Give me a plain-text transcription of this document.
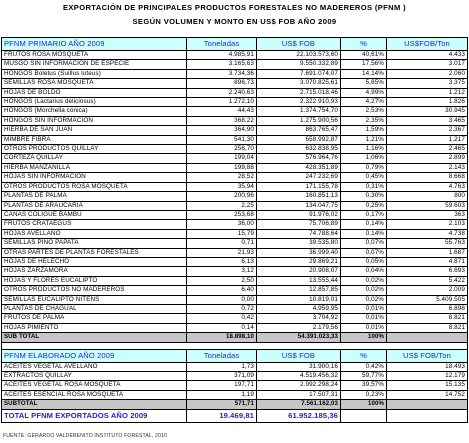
EXPORTACIÓN DE PRINCIPALES PRODUCTOS FORESTALES NO MADEREROS (PFNM )
SEGÚN VOLUMEN Y MONTO EN US$ FOB AÑO 2009
PFNM PRIMARIO AÑO 2009	Toneladas	US$ FOB	%	US$FOB/Ton
FRUTOS ROSA MOSQUETA	4.985,91	22.103.573,60	40,61%	4.433
MUSGO SIN INFORMACIÓN DE ESPECIE	3.165,63	9.550.332,89	17,56%	3.017
HONGOS Boletus (Suillus luteus)	3.734,36	7.691.074,07	14,14%	2.060
SEMILLAS ROSA MOSQUETA	896,73	3.070.825,61	5,65%	3.375
HOJAS DE BOLDO	2.240,63	2.715.018,46	4,99%	1.212
HONGOS (Lactarius deliciosus)	1.272,10	2.322.910,93	4,27%	1.826
HONGOS (Morchella cónica)	44,43	1.374.754,70	2,53%	30.945
HONGOS SIN INFORMACIÓN	368,22	1.275.900,56	2,35%	3.465
HIERBA DE SAN JUAN	364,90	863.765,47	1,59%	2.367
MIMBRE FIBRA	541,30	658.992,87	1,21%	1.217
OTROS PRODUCTOS QUILLAY	256,70	632.838,95	1,16%	2.465
CORTEZA QUILLAY	199,04	576.964,76	1,06%	2.899
HIERBA MANZANILLA	199,88	428.351,89	0,79%	2.143
HOJAS SIN INFORMACIÓN	28,52	247.232,69	0,45%	8.668
OTROS PRODUCTOS ROSA MOSQUETA	35,94	171.155,78	0,31%	4.763
PLANTAS DE PALMA	200,96	160.851,13	0,30%	800
PLANTAS DE ARAUCARIA	2,25	134.047,75	0,25%	59.603
CAÑAS COLIGUE BAMBU	253,68	91.976,02	0,17%	363
FRUTOS CRATAEGUS	36,00	75.706,89	0,14%	2.103
HOJAS AVELLANO	15,79	74.788,64	0,14%	4.738
SEMILLAS PINO PAPATA	0,71	39.535,80	0,07%	55.763
OTRAS PARTES DE PLANTAS FORESTALES	21,93	36.999,40	0,07%	1.687
HOJAS DE HELECHO	6,13	29.869,21	0,05%	4.871
HOJAS ZARZAMORA	3,12	20.908,07	0,04%	6.693
HOJAS Y FLORES EUCALIPTO	2,50	13.555,44	0,02%	5.422
OTROS PRODUCTOS NO MADEREROS	6,40	12.857,85	0,02%	2.009
SEMILLAS EUCALIPTO NITENS	0,00	10.819,01	0,02%	5.409.505
PLANTAS DE CHAGUAL	0,72	4.959,95	0,01%	6.898
FRUTOS DE PALMA	0,42	3.704,92	0,01%	8.821
HOJAS PIMIENTO	0,14	2.179,56	0,01%	8.821
SUB TOTAL	18.898,10	54.391.023,33	100%	

PFNM ELABORADO AÑO 2009	Toneladas	US$ FOB	%	US$ FOB/Ton
ACEITES VEGETAL AVELLANO	1,73	31.900,16	0,42%	18.493
EXTRACTOS QUILLAY	371,09	4.519.456,32	59,77%	12.179
ACEITES VEGETAL ROSA MOSQUETA	197,71	2.992.298,24	39,57%	15.135
ACEITES ESENCIAL ROSA MOSQUETA	1,19	17.507,31	0,23%	14.752
SUBTOTAL	571,71	7.561.162,03	100%	
TOTAL PFNM EXPORTADOS AÑO 2009	19.469,81	61.952.185,36		
FUENTE: GERARDO VALDEBENITO INSTITUTO FORESTAL, 2010
